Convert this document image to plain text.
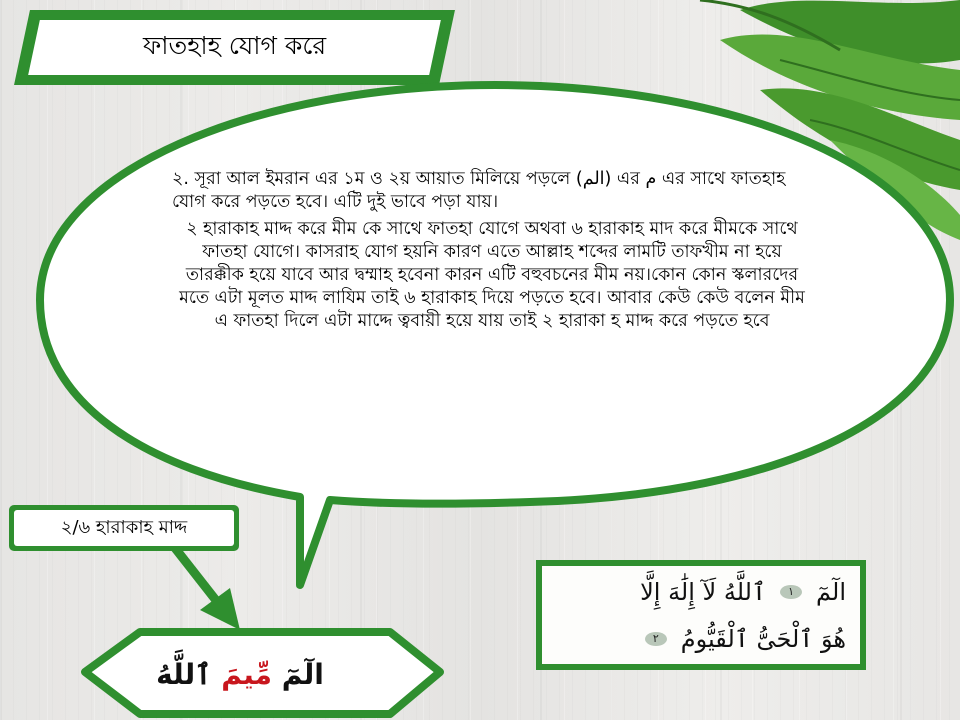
ফাতহাহ যোগ করে
২. সূরা আল ইমরান এর ১ম ও ২য় আয়াত মিলিয়ে পড়লে (الم) এর م এর সাথে ফাতহাহ যোগ করে পড়তে হবে। এটি দুই ভাবে পড়া যায়।
২ হারাকাহ মাদ্দ করে মীম কে সাথে ফাতহা যোগে অথবা ৬ হারাকাহ মাদ করে মীমকে সাথে ফাতহা যোগে। কাসরাহ যোগ হয়নি কারণ এতে আল্লাহ শব্দের লামটি তাফখীম না হয়ে তারক্কীক হয়ে যাবে আর দ্বম্মাহ হবেনা কারন এটি বহুবচনের মীম নয়।কোন কোন স্কলারদের মতে এটা মূলত মাদ্দ লাযিম তাই ৬ হারাকাহ দিয়ে পড়তে হবে। আবার কেউ কেউ বলেন মীম এ ফাতহা দিলে এটা মাদ্দে ত্ববায়ী হয়ে যায় তাই ২ হারাকা হ মাদ্দ করে পড়তে হবে
২/৬ হারাকাহ মাদ্দ
الٓمٓ

مِّيمَ

ٱللَّهُ
الٓمٓ
١
ٱللَّهُ لَآ إِلَٰهَ إِلَّا
هُوَ ٱلْحَىُّ ٱلْقَيُّومُ
٢
